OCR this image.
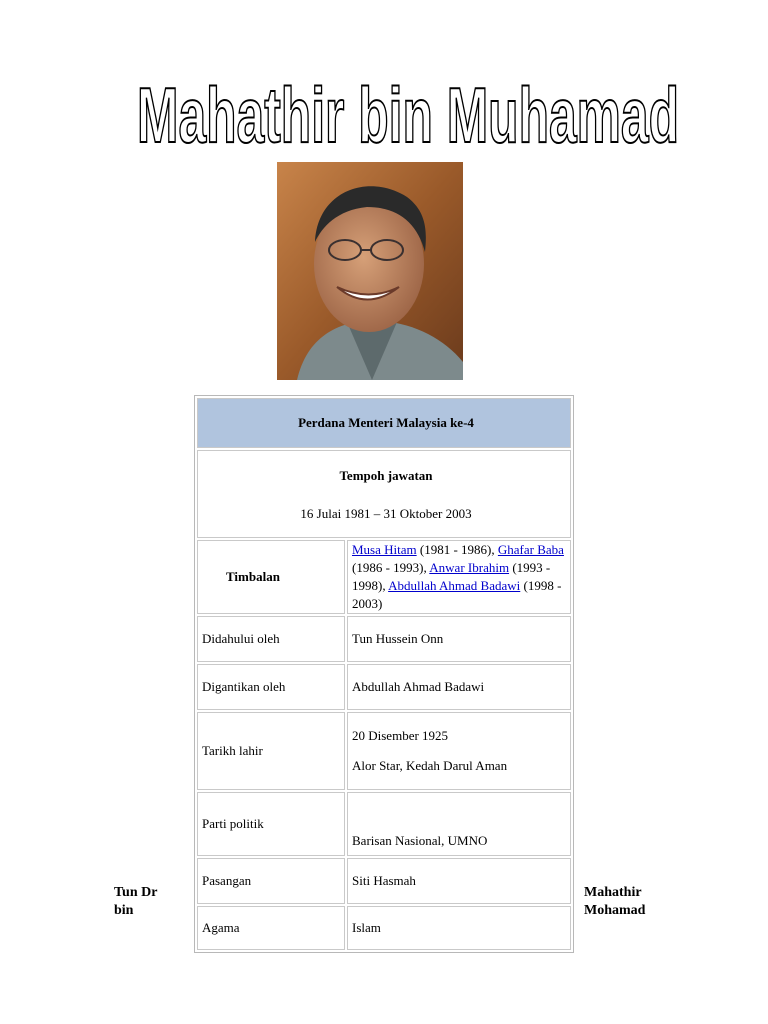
Mahathir bin Muhamad
Perdana Menteri Malaysia ke-4	

Tempoh jawatan
16 Julai 1981 – 31 Oktober 2003	

Timbalan	Musa Hitam (1981 - 1986), Ghafar Baba (1986 - 1993), Anwar Ibrahim (1993 - 1998), Abdullah Ahmad Badawi (1998 - 2003)
Didahului oleh	Tun Hussein Onn
Digantikan oleh	Abdullah Ahmad Badawi
Tarikh lahir	20 Disember 1925
Alor Star, Kedah Darul Aman

Parti politik	Barisan Nasional, UMNO
Pasangan	Siti Hasmah
Agama	Islam
Tun Dr
bin
Mahathir
Mohamad
